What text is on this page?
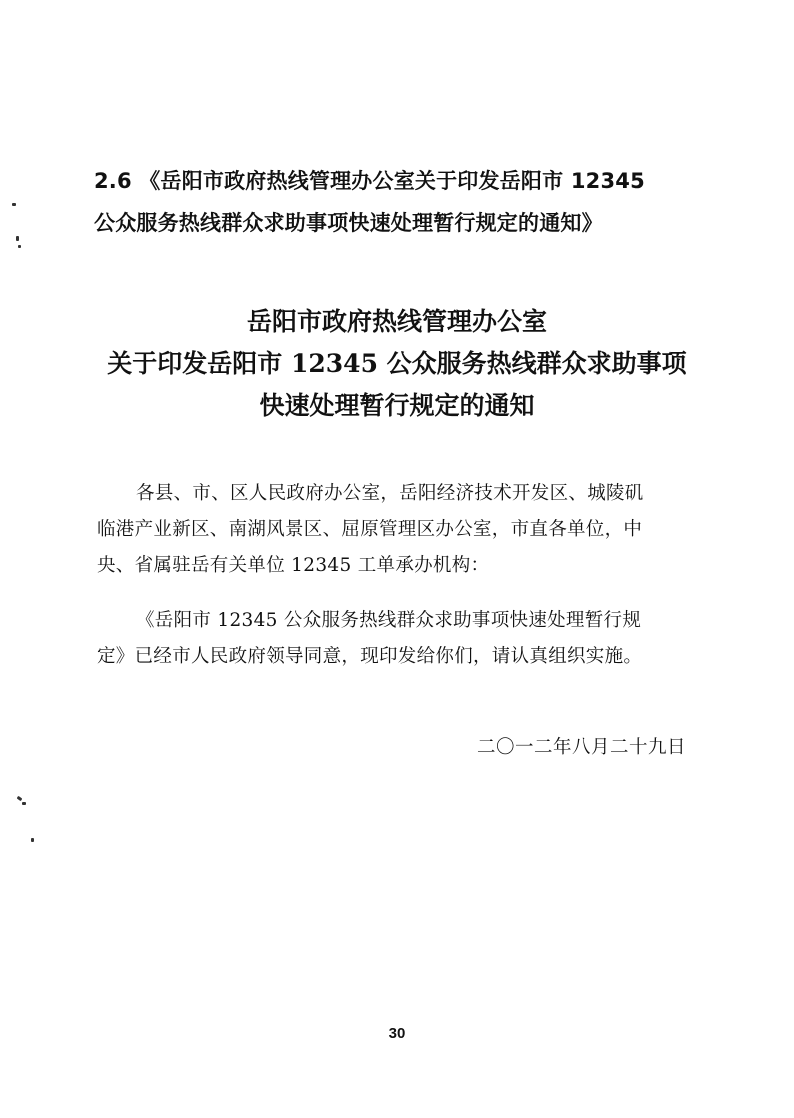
2.6 《岳阳市政府热线管理办公室关于印发岳阳市 12345
公众服务热线群众求助事项快速处理暂行规定的通知》
岳阳市政府热线管理办公室
关于印发岳阳市 12345 公众服务热线群众求助事项
快速处理暂行规定的通知
各县、市、区人民政府办公室，岳阳经济技术开发区、城陵矶
临港产业新区、南湖风景区、屈原管理区办公室，市直各单位，中
央、省属驻岳有关单位 12345 工单承办机构：
《岳阳市 12345 公众服务热线群众求助事项快速处理暂行规
定》已经市人民政府领导同意，现印发给你们，请认真组织实施。
二〇一二年八月二十九日
30
